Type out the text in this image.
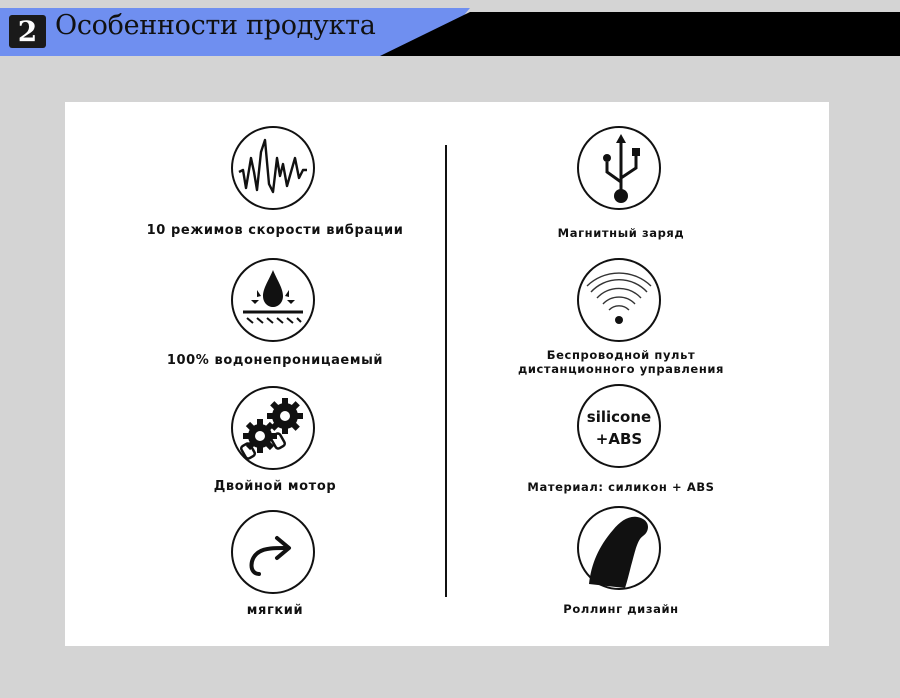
2 Особенности продукта
10 режимов скорости вибрации
100% водонепроницаемый
Двойной мотор
мягкий
Магнитный заряд
Беспроводной пульт
дистанционного управления
silicone
+ABS
Материал: силикон + ABS
Роллинг дизайн
